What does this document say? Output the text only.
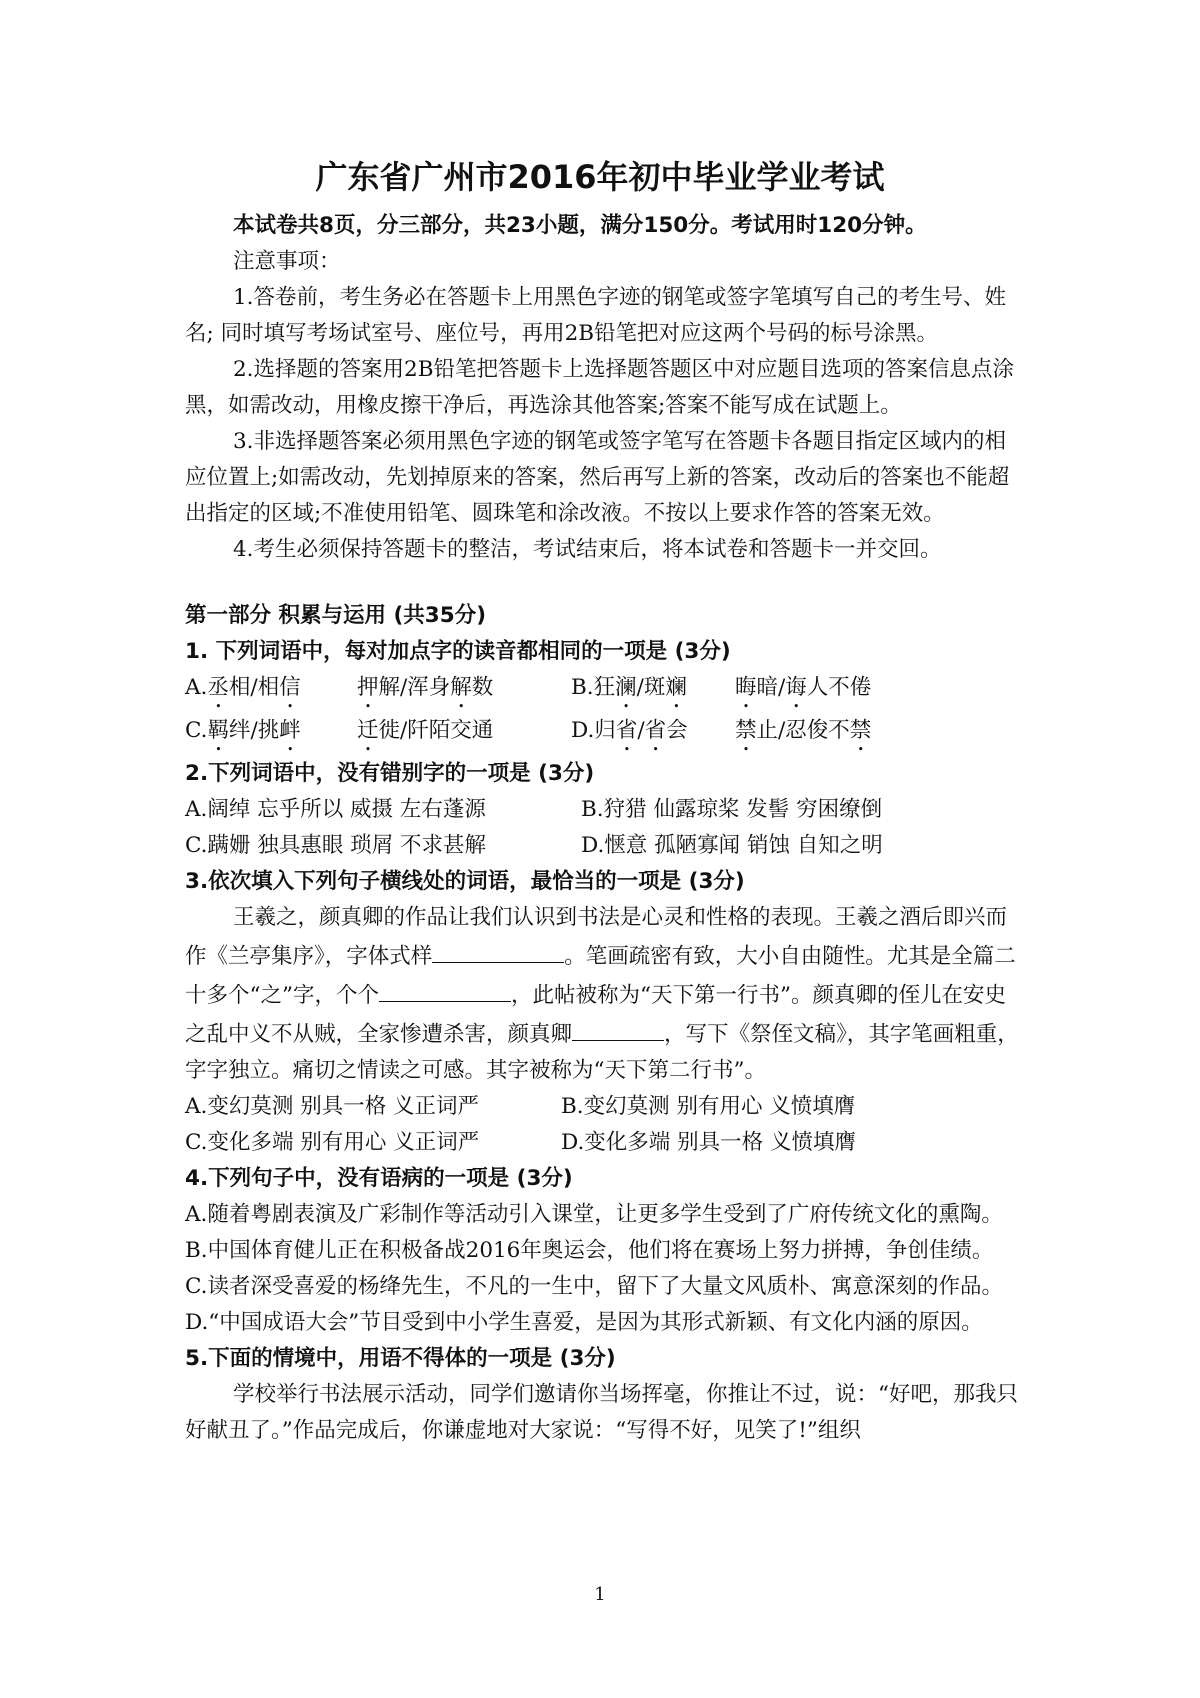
广东省广州市2016年初中毕业学业考试

本试卷共8页，分三部分，共23小题，满分150分。考试用时120分钟。

注意事项：

1.答卷前，考生务必在答题卡上用黑色字迹的钢笔或签字笔填写自己的考生号、姓名; 同时填写考场试室号、座位号，再用2B铅笔把对应这两个号码的标号涂黑。

2.选择题的答案用2B铅笔把答题卡上选择题答题区中对应题目选项的答案信息点涂黑，如需改动，用橡皮擦干净后，再选涂其他答案;答案不能写成在试题上。

3.非选择题答案必须用黑色字迹的钢笔或签字笔写在答题卡各题目指定区域内的相应位置上;如需改动，先划掉原来的答案，然后再写上新的答案，改动后的答案也不能超出指定的区域;不准使用铅笔、圆珠笔和涂改液。不按以上要求作答的答案无效。

4.考生必须保持答题卡的整洁，考试结束后，将本试卷和答题卡一并交回。

第一部分 积累与运用 (共35分)

1. 下列词语中，每对加点字的读音都相同的一项是 (3分)

A.丞相/相信	押解/浑身解数	B.狂澜/斑斓	晦暗/诲人不倦
C.羁绊/挑衅	迁徙/阡陌交通	D.归省/省会	禁止/忍俊不禁

2.下列词语中，没有错别字的一项是 (3分)

A.阔绰 忘乎所以 威摄 左右蓬源	B.狩猎 仙露琼桨 发髻 穷困缭倒
C.蹒姗 独具惠眼 琐屑 不求甚解	D.惬意 孤陋寡闻 销蚀 自知之明

3.依次填入下列句子横线处的词语，最恰当的一项是 (3分)

王羲之，颜真卿的作品让我们认识到书法是心灵和性格的表现。王羲之酒后即兴而作《兰亭集序》，字体式样	。笔画疏密有致，大小自由随性。尤其是全篇二十多个“之”字，个个	，此帖被称为“天下第一行书”。颜真卿的侄儿在安史之乱中义不从贼，全家惨遭杀害，颜真卿	，写下《祭侄文稿》，其字笔画粗重，字字独立。痛切之情读之可感。其字被称为“天下第二行书”。

A.变幻莫测 别具一格 义正词严	B.变幻莫测 别有用心 义愤填膺
C.变化多端 别有用心 义正词严	D.变化多端 别具一格 义愤填膺

4.下列句子中，没有语病的一项是 (3分)

A.随着粤剧表演及广彩制作等活动引入课堂，让更多学生受到了广府传统文化的熏陶。

B.中国体育健儿正在积极备战2016年奥运会，他们将在赛场上努力拼搏，争创佳绩。

C.读者深受喜爱的杨绛先生，不凡的一生中，留下了大量文风质朴、寓意深刻的作品。

D.“中国成语大会”节目受到中小学生喜爱，是因为其形式新颖、有文化内涵的原因。

5.下面的情境中，用语不得体的一项是 (3分)

学校举行书法展示活动，同学们邀请你当场挥毫，你推让不过，说：“好吧，那我只好献丑了。”作品完成后，你谦虚地对大家说：“写得不好，见笑了!”组织

1
